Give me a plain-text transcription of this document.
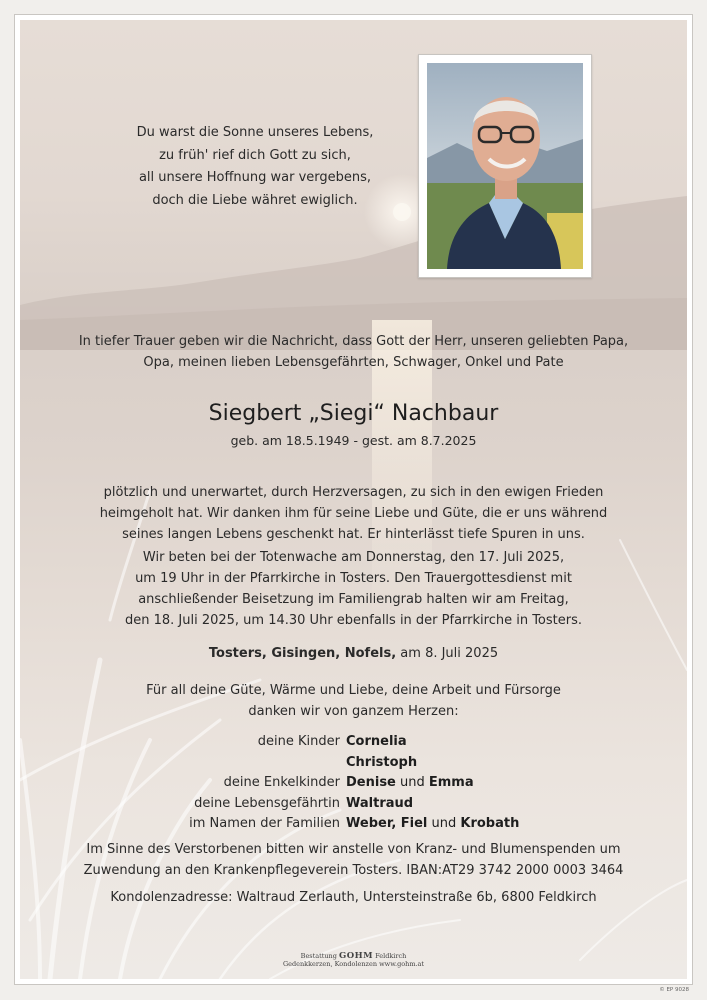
Du warst die Sonne unseres Lebens,
zu früh' rief dich Gott zu sich,
all unsere Hoffnung war vergebens,
doch die Liebe währet ewiglich.
In tiefer Trauer geben wir die Nachricht, dass Gott der Herr, unseren geliebten Papa,
Opa, meinen lieben Lebensgefährten, Schwager, Onkel und Pate
Siegbert „Siegi“ Nachbaur
geb. am 18.5.1949 - gest. am 8.7.2025
plötzlich und unerwartet, durch Herzversagen, zu sich in den ewigen Frieden
heimgeholt hat. Wir danken ihm für seine Liebe und Güte, die er uns während
seines langen Lebens geschenkt hat. Er hinterlässt tiefe Spuren in uns.
Wir beten bei der Totenwache am Donnerstag, den 17. Juli 2025,
um 19 Uhr in der Pfarrkirche in Tosters. Den Trauergottesdienst mit
anschließender Beisetzung im Familiengrab halten wir am Freitag,
den 18. Juli 2025, um 14.30 Uhr ebenfalls in der Pfarrkirche in Tosters.
Tosters, Gisingen, Nofels, am 8. Juli 2025
Für all deine Güte, Wärme und Liebe, deine Arbeit und Fürsorge
danken wir von ganzem Herzen:
deine Kinder Cornelia
Christoph
deine Enkelkinder Denise und Emma
deine Lebensgefährtin Waltraud
im Namen der Familien Weber, Fiel und Krobath
Im Sinne des Verstorbenen bitten wir anstelle von Kranz- und Blumenspenden um
Zuwendung an den Krankenpflegeverein Tosters. IBAN:AT29 3742 2000 0003 3464
Kondolenzadresse: Waltraud Zerlauth, Untersteinstraße 6b, 6800 Feldkirch
Bestattung GOHM Feldkirch
Gedenkkerzen, Kondolenzen www.gohm.at
© EP 9028
